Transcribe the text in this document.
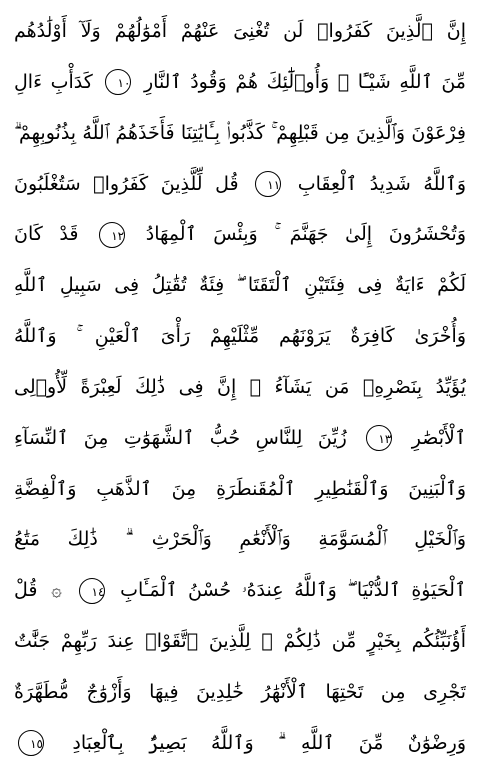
إِنَّ ٱلَّذِينَ كَفَرُوا۟ لَن تُغْنِىَ عَنْهُمْ أَمْوَٰلُهُمْ وَلَآ أَوْلَٰدُهُم
مِّنَ ٱللَّهِ شَيْـًٔا ۖ وَأُو۟لَٰٓئِكَ هُمْ وَقُودُ ٱلنَّارِ ١٠ كَدَأْبِ ءَالِ
فِرْعَوْنَ وَٱلَّذِينَ مِن قَبْلِهِمْ ۚ كَذَّبُوا۟ بِـَٔايَٰتِنَا فَأَخَذَهُمُ ٱللَّهُ بِذُنُوبِهِمْ ۗ
وَٱللَّهُ شَدِيدُ ٱلْعِقَابِ ١١ قُل لِّلَّذِينَ كَفَرُوا۟ سَتُغْلَبُونَ
وَتُحْشَرُونَ إِلَىٰ جَهَنَّمَ ۚ وَبِئْسَ ٱلْمِهَادُ ١٢ قَدْ كَانَ
لَكُمْ ءَايَةٌ فِى فِئَتَيْنِ ٱلْتَقَتَا ۖ فِئَةٌ تُقَٰتِلُ فِى سَبِيلِ ٱللَّهِ
وَأُخْرَىٰ كَافِرَةٌ يَرَوْنَهُم مِّثْلَيْهِمْ رَأْىَ ٱلْعَيْنِ ۚ وَٱللَّهُ
يُؤَيِّدُ بِنَصْرِهِۦ مَن يَشَآءُ ۗ إِنَّ فِى ذَٰلِكَ لَعِبْرَةً لِّأُو۟لِى
ٱلْأَبْصَٰرِ ١٣ زُيِّنَ لِلنَّاسِ حُبُّ ٱلشَّهَوَٰتِ مِنَ ٱلنِّسَآءِ
وَٱلْبَنِينَ وَٱلْقَنَٰطِيرِ ٱلْمُقَنطَرَةِ مِنَ ٱلذَّهَبِ وَٱلْفِضَّةِ
وَٱلْخَيْلِ ٱلْمُسَوَّمَةِ وَٱلْأَنْعَٰمِ وَٱلْحَرْثِ ۗ ذَٰلِكَ مَتَٰعُ
ٱلْحَيَوٰةِ ٱلدُّنْيَا ۖ وَٱللَّهُ عِندَهُۥ حُسْنُ ٱلْمَـَٔابِ ١٤ ۞ قُلْ
أَؤُنَبِّئُكُم بِخَيْرٍ مِّن ذَٰلِكُمْ ۚ لِلَّذِينَ ٱتَّقَوْا۟ عِندَ رَبِّهِمْ جَنَّٰتٌ
تَجْرِى مِن تَحْتِهَا ٱلْأَنْهَٰرُ خَٰلِدِينَ فِيهَا وَأَزْوَٰجٌ مُّطَهَّرَةٌ
وَرِضْوَٰنٌ مِّنَ ٱللَّهِ ۗ وَٱللَّهُ بَصِيرٌۢ بِٱلْعِبَادِ ١٥
